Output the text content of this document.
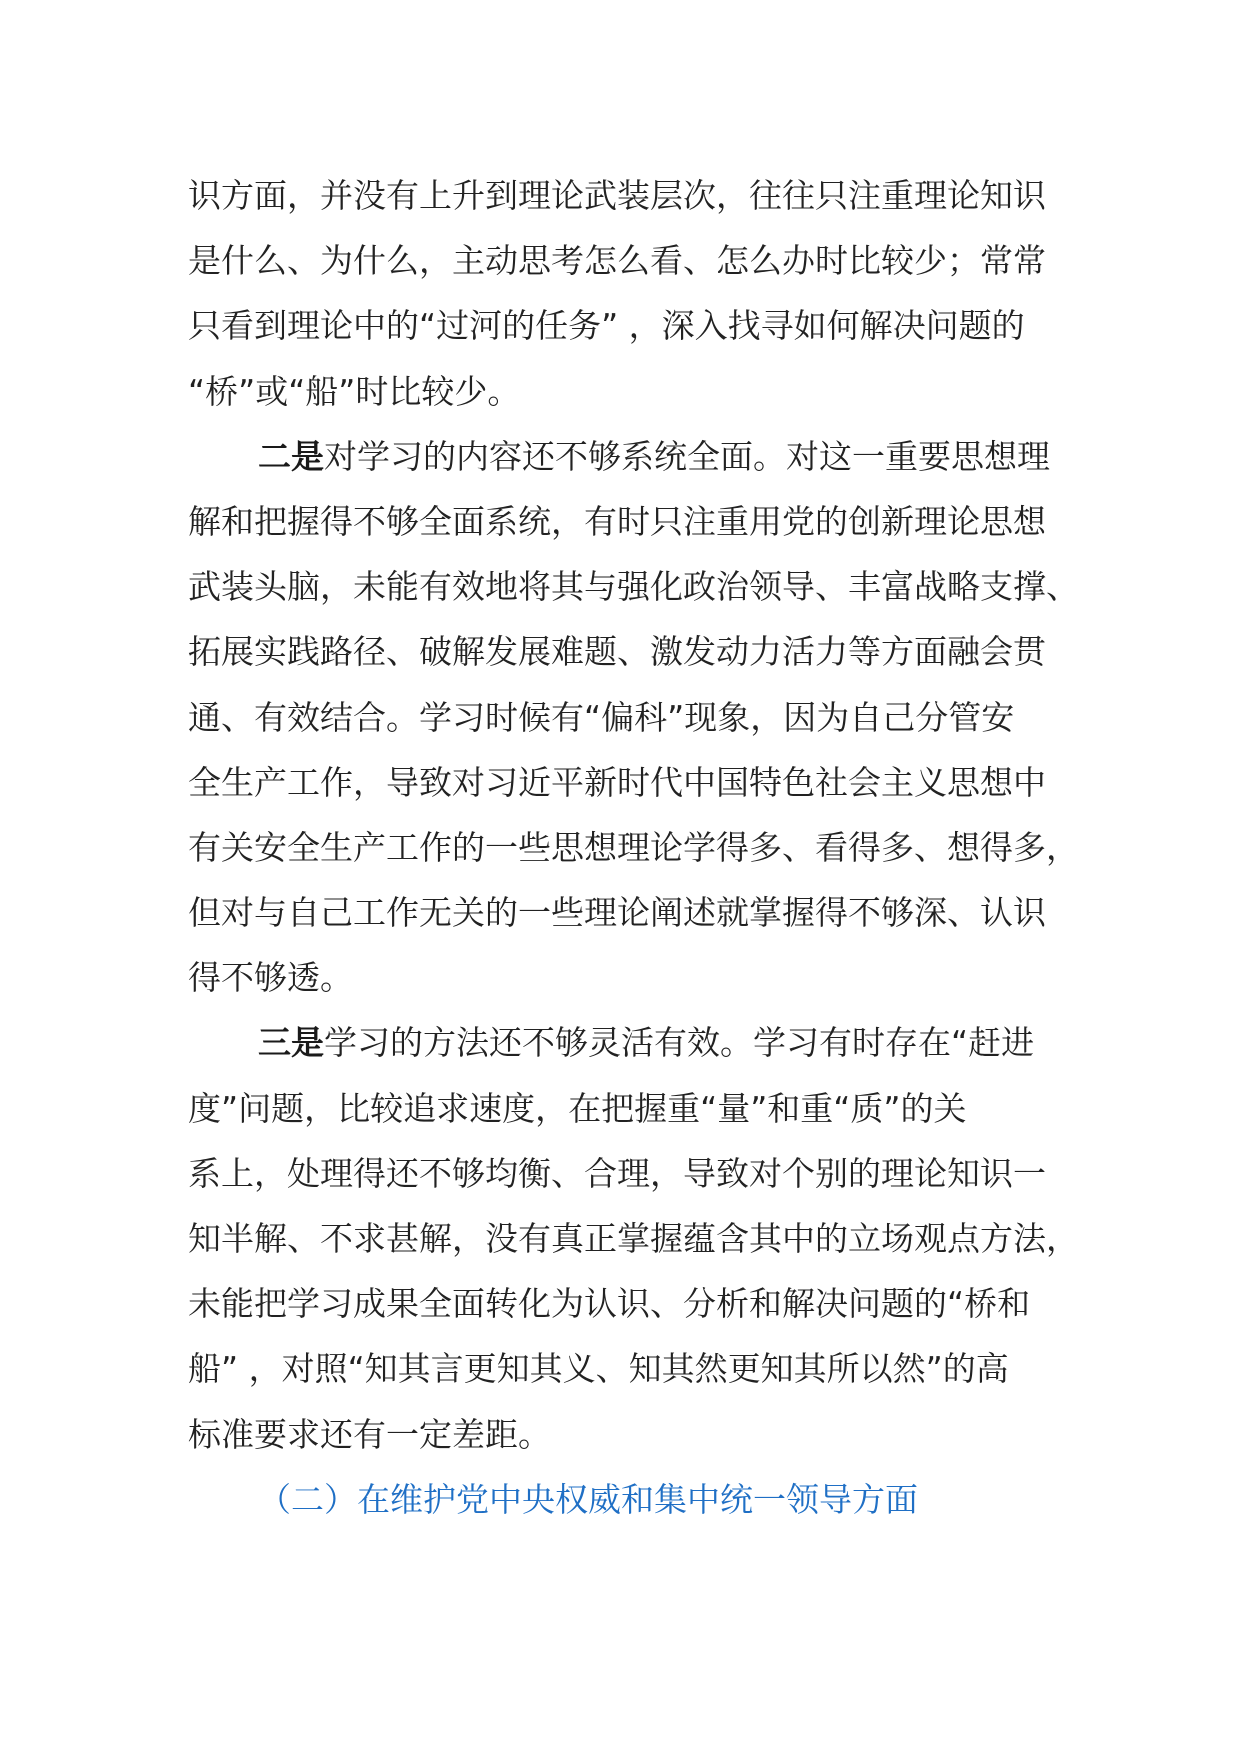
识方面，并没有上升到理论武装层次，往往只注重理论知识
是什么、为什么，主动思考怎么看、怎么办时比较少；常常
只看到理论中的“过河的任务” ，深入找寻如何解决问题的
“桥”或“船”时比较少。
二是对学习的内容还不够系统全面。对这一重要思想理
解和把握得不够全面系统，有时只注重用党的创新理论思想
武装头脑，未能有效地将其与强化政治领导、丰富战略支撑、
拓展实践路径、破解发展难题、激发动力活力等方面融会贯
通、有效结合。学习时候有“偏科”现象，因为自己分管安
全生产工作，导致对习近平新时代中国特色社会主义思想中
有关安全生产工作的一些思想理论学得多、看得多、想得多，
但对与自己工作无关的一些理论阐述就掌握得不够深、认识
得不够透。
三是学习的方法还不够灵活有效。学习有时存在“赶进
度”问题，比较追求速度，在把握重“量”和重“质”的关
系上，处理得还不够均衡、合理，导致对个别的理论知识一
知半解、不求甚解，没有真正掌握蕴含其中的立场观点方法，
未能把学习成果全面转化为认识、分析和解决问题的“桥和
船” ，对照“知其言更知其义、知其然更知其所以然”的高
标准要求还有一定差距。
（二）在维护党中央权威和集中统一领导方面
